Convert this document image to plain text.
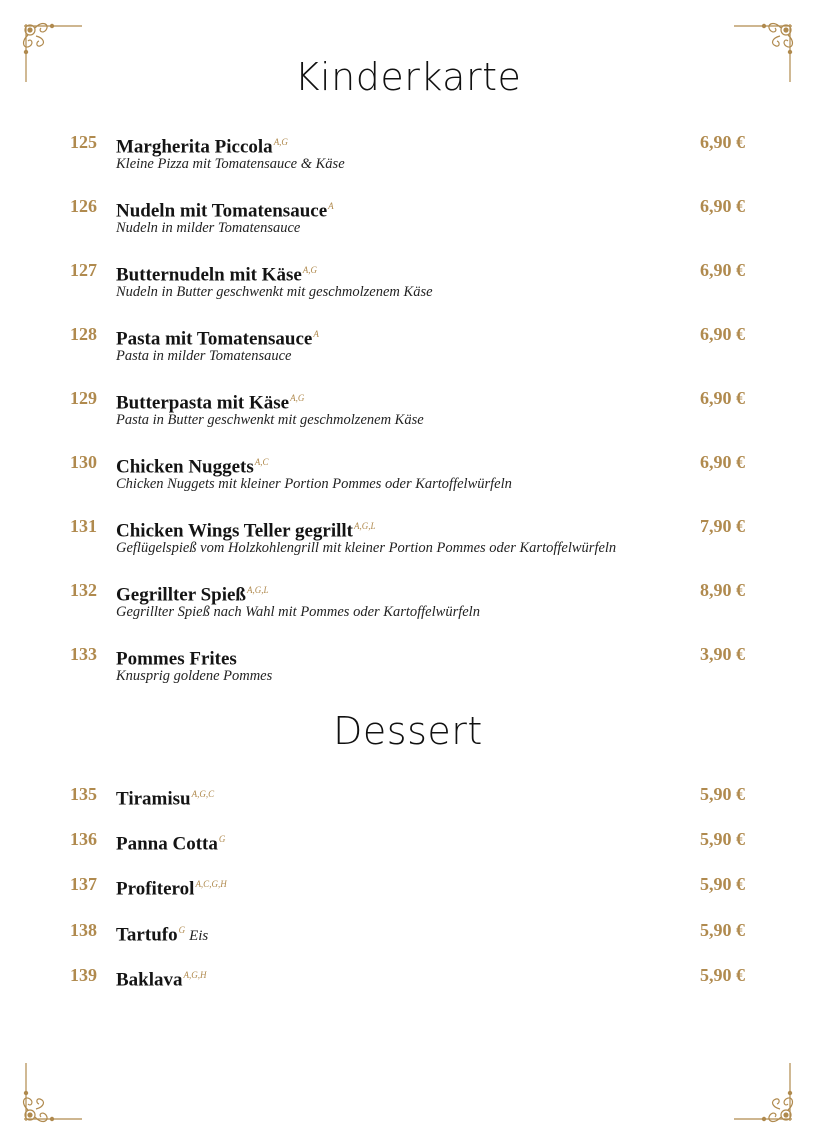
Kinderkarte
125 Margherita Piccola$^{A,G}$	6,90 €
Kleine Pizza mit Tomatensauce & Käse
126 Nudeln mit Tomatensauce$^A$	6,90 €
Nudeln in milder Tomatensauce
127 Butternudeln mit Käse$^{A,G}$	6,90 €
Nudeln in Butter geschwenkt mit geschmolzenem Käse
128 Pasta mit Tomatensauce$^A$	6,90 €
Pasta in milder Tomatensauce
129 Butterpasta mit Käse$^{A,G}$	6,90 €
Pasta in Butter geschwenkt mit geschmolzenem Käse
130 Chicken Nuggets$^{A,C}$	6,90 €
Chicken Nuggets mit kleiner Portion Pommes oder Kartoffelwürfeln
131 Chicken Wings Teller gegrillt$^{A,G,L}$	7,90 €
Geflügelspieß vom Holzkohlengrill mit kleiner Portion Pommes oder Kartoffelwürfeln
132 Gegrillter Spieß$^{A,G,L}$	8,90 €
Gegrillter Spieß nach Wahl mit Pommes oder Kartoffelwürfeln
133 Pommes Frites	3,90 €
Knusprig goldene Pommes
Dessert
135 Tiramisu$^{A,G,C}$	5,90 €
136 Panna Cotta$^G$	5,90 €
137 Profiterol$^{A,C,G,H}$	5,90 €
138 Tartufo$^G$ Eis	5,90 €
139 Baklava$^{A,G,H}$	5,90 €
